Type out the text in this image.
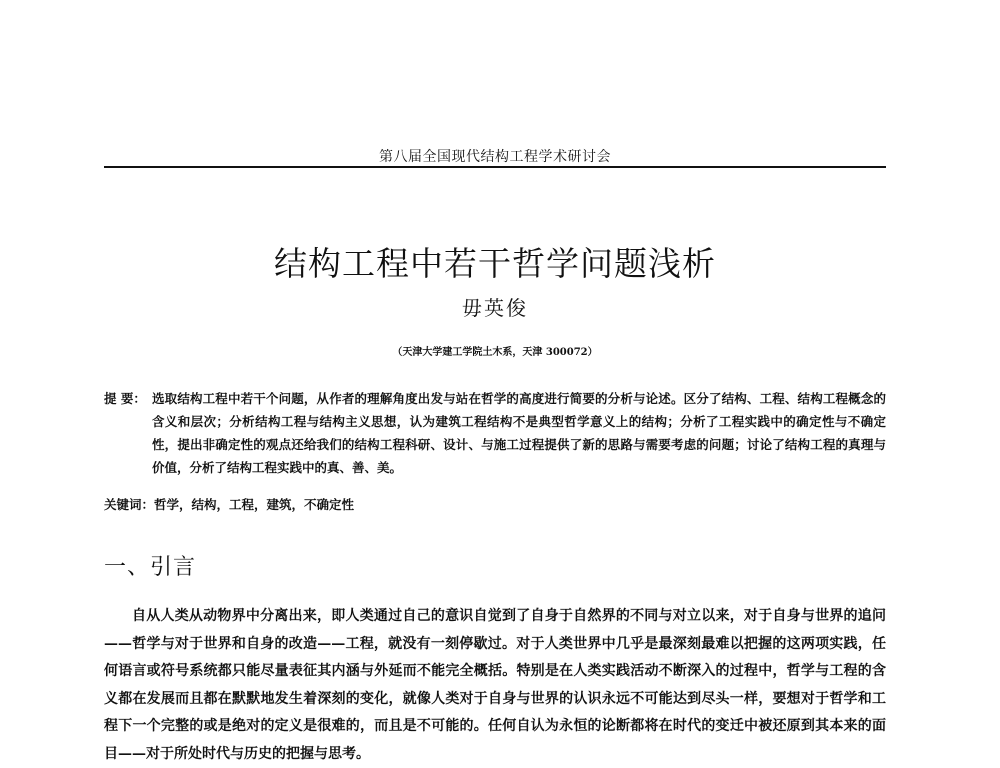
第八届全国现代结构工程学术研讨会
结构工程中若干哲学问题浅析
毋英俊
（天津大学建工学院土木系，天津 300072）
提 要： 选取结构工程中若干个问题，从作者的理解角度出发与站在哲学的高度进行简要的分析与论述。区分了结构、工程、结构工程概念的含义和层次；分析结构工程与结构主义思想，认为建筑工程结构不是典型哲学意义上的结构；分析了工程实践中的确定性与不确定性，提出非确定性的观点还给我们的结构工程科研、设计、与施工过程提供了新的思路与需要考虑的问题；讨论了结构工程的真理与价值，分析了结构工程实践中的真、善、美。
关键词：哲学，结构，工程，建筑，不确定性
一、引言
自从人类从动物界中分离出来，即人类通过自己的意识自觉到了自身于自然界的不同与对立以来，对于自身与世界的追问——哲学与对于世界和自身的改造——工程，就没有一刻停歇过。对于人类世界中几乎是最深刻最难以把握的这两项实践，任何语言或符号系统都只能尽量表征其内涵与外延而不能完全概括。特别是在人类实践活动不断深入的过程中，哲学与工程的含义都在发展而且都在默默地发生着深刻的变化，就像人类对于自身与世界的认识永远不可能达到尽头一样，要想对于哲学和工程下一个完整的或是绝对的定义是很难的，而且是不可能的。任何自认为永恒的论断都将在时代的变迁中被还原到其本来的面目——对于所处时代与历史的把握与思考。
